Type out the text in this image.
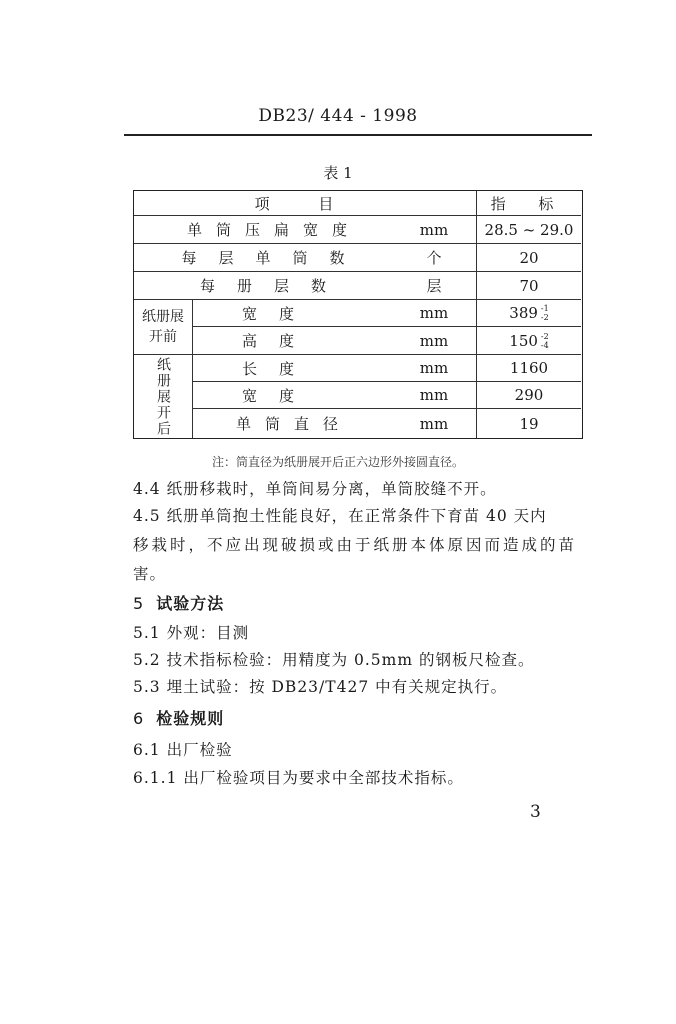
DB23/ 444 - 1998
表 1
项 目	指 标
单筒压扁宽度	mm	28.5 ~ 29.0
每层单筒数	个	20
每册层数	层	70
纸册展开前
宽度	mm	389 -1
-2
高度	mm	150 -2
-4
纸册展开后	长度	mm	1160
宽度	mm	290
单筒直径	mm	19
注：筒直径为纸册展开后正六边形外接圆直径。
4.4 纸册移栽时，单筒间易分离，单筒胶缝不开。
4.5 纸册单筒抱土性能良好，在正常条件下育苗 40 天内
移栽时，不应出现破损或由于纸册本体原因而造成的苗
害。
5 试验方法
5.1 外观：目测
5.2 技术指标检验：用精度为 0.5mm 的钢板尺检查。
5.3 埋土试验：按 DB23/T427 中有关规定执行。
6 检验规则
6.1 出厂检验
6.1.1 出厂检验项目为要求中全部技术指标。
3
